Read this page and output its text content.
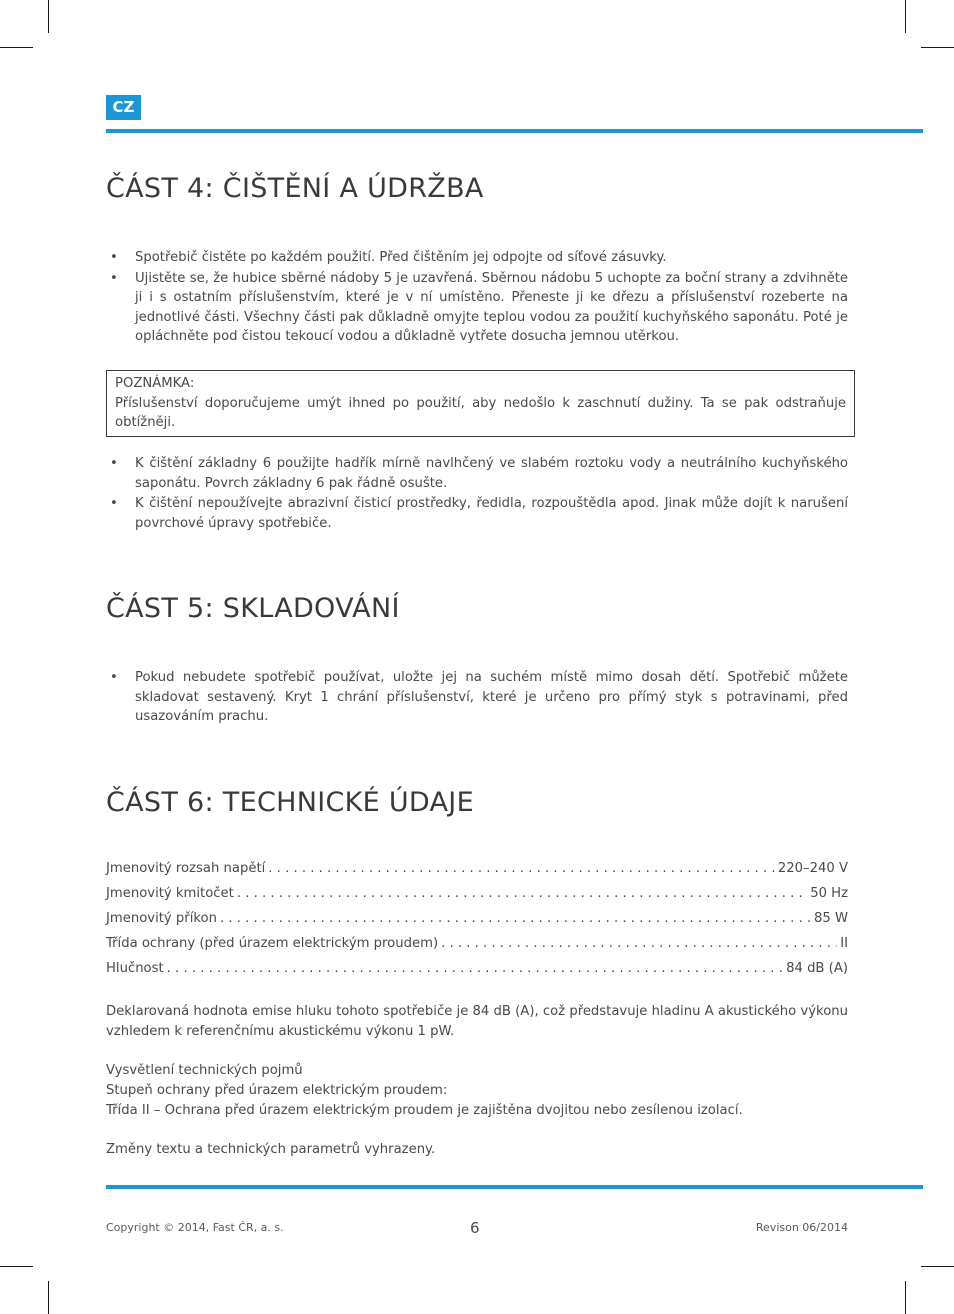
CZ
ČÁST 4: ČIŠTĚNÍ A ÚDRŽBA
• Spotřebič čistěte po každém použití. Před čištěním jej odpojte od síťové zásuvky.
• Ujistěte se, že hubice sběrné nádoby 5 je uzavřená. Sběrnou nádobu 5 uchopte za boční strany a zdvihněte ji i s ostatním příslušenstvím, které je v ní umístěno. Přeneste ji ke dřezu a příslušenství rozeberte na jednotlivé části. Všechny části pak důkladně omyjte teplou vodou za použití kuchyňského saponátu. Poté je opláchněte pod čistou tekoucí vodou a důkladně vytřete dosucha jemnou utěrkou.

POZNÁMKA:

Příslušenství doporučujeme umýt ihned po použití, aby nedošlo k zaschnutí dužiny. Ta se pak odstraňuje obtížněji.

• K čištění základny 6 použijte hadřík mírně navlhčený ve slabém roztoku vody a neutrálního kuchyňského saponátu. Povrch základny 6 pak řádně osušte.
• K čištění nepoužívejte abrazivní čisticí prostředky, ředidla, rozpouštědla apod. Jinak může dojít k narušení povrchové úpravy spotřebiče.
ČÁST 5: SKLADOVÁNÍ
• Pokud nebudete spotřebič používat, uložte jej na suchém místě mimo dosah dětí. Spotřebič můžete skladovat sestavený. Kryt 1 chrání příslušenství, které je určeno pro přímý styk s potravinami, před usazováním prachu.
ČÁST 6: TECHNICKÉ ÚDAJE
Jmenovitý rozsah napětí . . .	220–240 V
Jmenovitý kmitočet . . .	50 Hz
Jmenovitý příkon . . .	85 W
Třída ochrany (před úrazem elektrickým proudem) . . .	II
Hlučnost . . .	84 dB (A)

Deklarovaná hodnota emise hluku tohoto spotřebiče je 84 dB (A), což představuje hladinu A akustického výkonu vzhledem k referenčnímu akustickému výkonu 1 pW.

Vysvětlení technických pojmů

Stupeň ochrany před úrazem elektrickým proudem:

Třída II – Ochrana před úrazem elektrickým proudem je zajištěna dvojitou nebo zesílenou izolací.

Změny textu a technických parametrů vyhrazeny.

Copyright © 2014, Fast ČR, a. s.	6	Revison 06/2014
